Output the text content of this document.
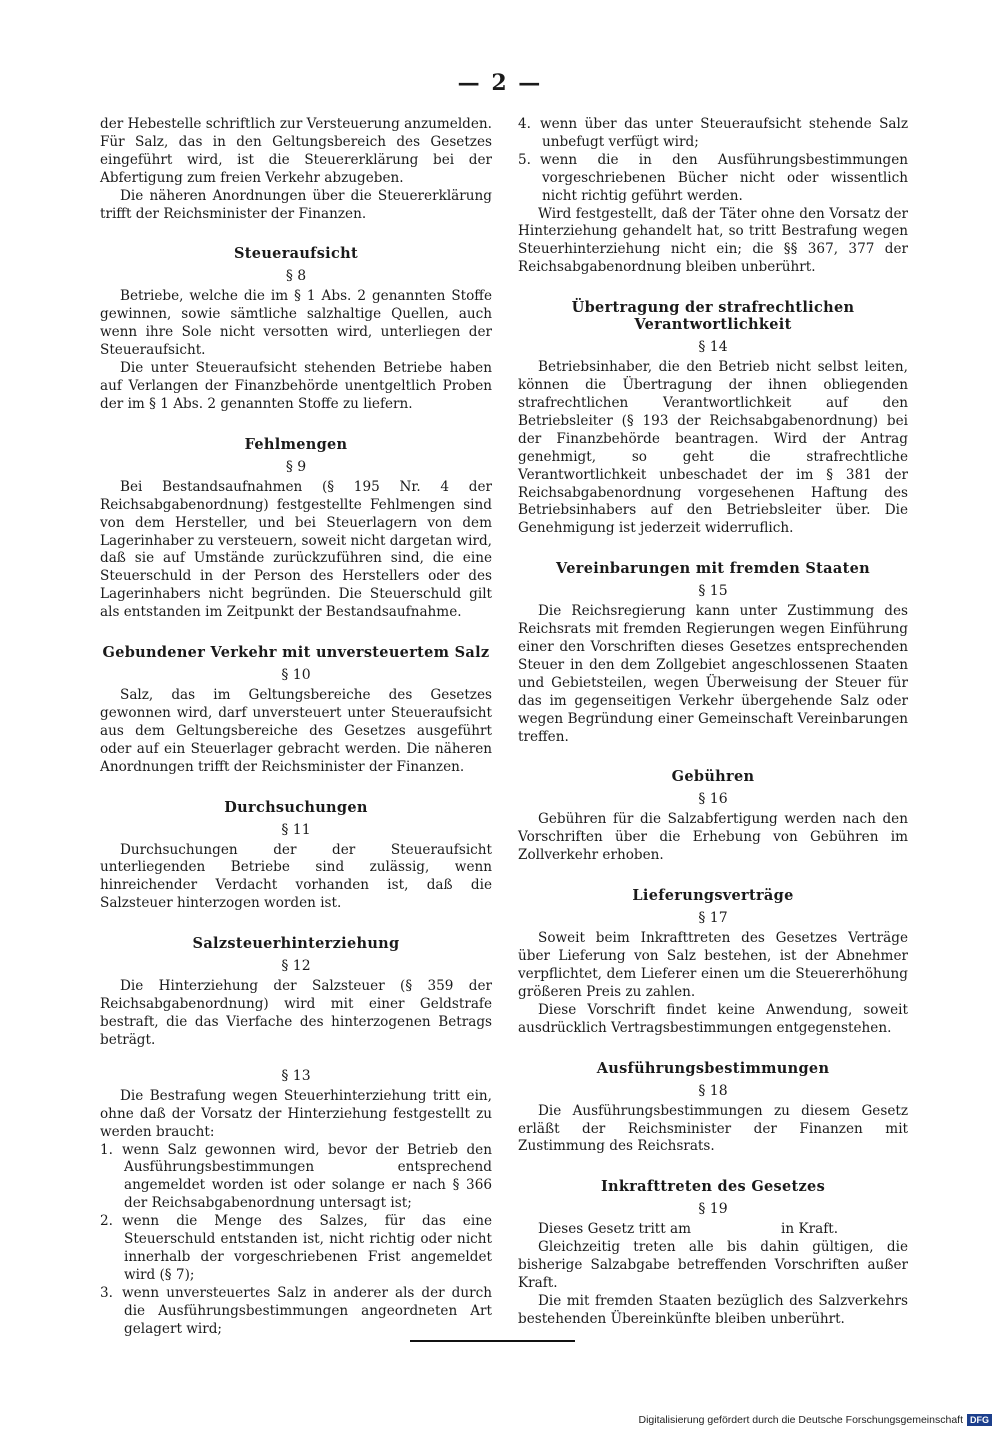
— 2 —

der Hebestelle schriftlich zur Versteuerung anzumelden. Für Salz, das in den Geltungsbereich des Gesetzes eingeführt wird, ist die Steuererklärung bei der Abfertigung zum freien Verkehr abzugeben.

Die näheren Anordnungen über die Steuererklärung trifft der Reichsminister der Finanzen.

Steueraufsicht
§ 8

Betriebe, welche die im § 1 Abs. 2 genannten Stoffe gewinnen, sowie sämtliche salzhaltige Quellen, auch wenn ihre Sole nicht versotten wird, unterliegen der Steueraufsicht.

Die unter Steueraufsicht stehenden Betriebe haben auf Verlangen der Finanzbehörde unentgeltlich Proben der im § 1 Abs. 2 genannten Stoffe zu liefern.

Fehlmengen
§ 9

Bei Bestandsaufnahmen (§ 195 Nr. 4 der Reichsabgabenordnung) festgestellte Fehlmengen sind von dem Hersteller, und bei Steuerlagern von dem Lagerinhaber zu versteuern, soweit nicht dargetan wird, daß sie auf Umstände zurückzuführen sind, die eine Steuerschuld in der Person des Herstellers oder des Lagerinhabers nicht begründen. Die Steuerschuld gilt als entstanden im Zeitpunkt der Bestandsaufnahme.

Gebundener Verkehr mit unversteuertem Salz
§ 10

Salz, das im Geltungsbereiche des Gesetzes gewonnen wird, darf unversteuert unter Steueraufsicht aus dem Geltungsbereiche des Gesetzes ausgeführt oder auf ein Steuerlager gebracht werden. Die näheren Anordnungen trifft der Reichsminister der Finanzen.

Durchsuchungen
§ 11

Durchsuchungen der der Steueraufsicht unterliegenden Betriebe sind zulässig, wenn hinreichender Verdacht vorhanden ist, daß die Salzsteuer hinterzogen worden ist.

Salzsteuerhinterziehung
§ 12

Die Hinterziehung der Salzsteuer (§ 359 der Reichsabgabenordnung) wird mit einer Geldstrafe bestraft, die das Vierfache des hinterzogenen Betrags beträgt.

§ 13

Die Bestrafung wegen Steuerhinterziehung tritt ein, ohne daß der Vorsatz der Hinterziehung festgestellt zu werden braucht:

1. wenn Salz gewonnen wird, bevor der Betrieb den Ausführungsbestimmungen entsprechend angemeldet worden ist oder solange er nach § 366 der Reichsabgabenordnung untersagt ist;

2. wenn die Menge des Salzes, für das eine Steuerschuld entstanden ist, nicht richtig oder nicht innerhalb der vorgeschriebenen Frist angemeldet wird (§ 7);

3. wenn unversteuertes Salz in anderer als der durch die Ausführungsbestimmungen angeordneten Art gelagert wird;

4. wenn über das unter Steueraufsicht stehende Salz unbefugt verfügt wird;

5. wenn die in den Ausführungsbestimmungen vorgeschriebenen Bücher nicht oder wissentlich nicht richtig geführt werden.

Wird festgestellt, daß der Täter ohne den Vorsatz der Hinterziehung gehandelt hat, so tritt Bestrafung wegen Steuerhinterziehung nicht ein; die §§ 367, 377 der Reichsabgabenordnung bleiben unberührt.

Übertragung der strafrechtlichen Verantwortlichkeit
§ 14

Betriebsinhaber, die den Betrieb nicht selbst leiten, können die Übertragung der ihnen obliegenden strafrechtlichen Verantwortlichkeit auf den Betriebsleiter (§ 193 der Reichsabgabenordnung) bei der Finanzbehörde beantragen. Wird der Antrag genehmigt, so geht die strafrechtliche Verantwortlichkeit unbeschadet der im § 381 der Reichsabgabenordnung vorgesehenen Haftung des Betriebsinhabers auf den Betriebsleiter über. Die Genehmigung ist jederzeit widerruflich.

Vereinbarungen mit fremden Staaten
§ 15

Die Reichsregierung kann unter Zustimmung des Reichsrats mit fremden Regierungen wegen Einführung einer den Vorschriften dieses Gesetzes entsprechenden Steuer in den dem Zollgebiet angeschlossenen Staaten und Gebietsteilen, wegen Überweisung der Steuer für das im gegenseitigen Verkehr übergehende Salz oder wegen Begründung einer Gemeinschaft Vereinbarungen treffen.

Gebühren
§ 16

Gebühren für die Salzabfertigung werden nach den Vorschriften über die Erhebung von Gebühren im Zollverkehr erhoben.

Lieferungsverträge
§ 17

Soweit beim Inkrafttreten des Gesetzes Verträge über Lieferung von Salz bestehen, ist der Abnehmer verpflichtet, dem Lieferer einen um die Steuererhöhung größeren Preis zu zahlen.

Diese Vorschrift findet keine Anwendung, soweit ausdrücklich Vertragsbestimmungen entgegenstehen.

Ausführungsbestimmungen
§ 18

Die Ausführungsbestimmungen zu diesem Gesetz erläßt der Reichsminister der Finanzen mit Zustimmung des Reichsrats.

Inkrafttreten des Gesetzes
§ 19

Dieses Gesetz tritt am	in Kraft.

Gleichzeitig treten alle bis dahin gültigen, die bisherige Salzabgabe betreffenden Vorschriften außer Kraft.

Die mit fremden Staaten bezüglich des Salzverkehrs bestehenden Übereinkünfte bleiben unberührt.

Digitalisierung gefördert durch die Deutsche Forschungsgemeinschaft DFG
